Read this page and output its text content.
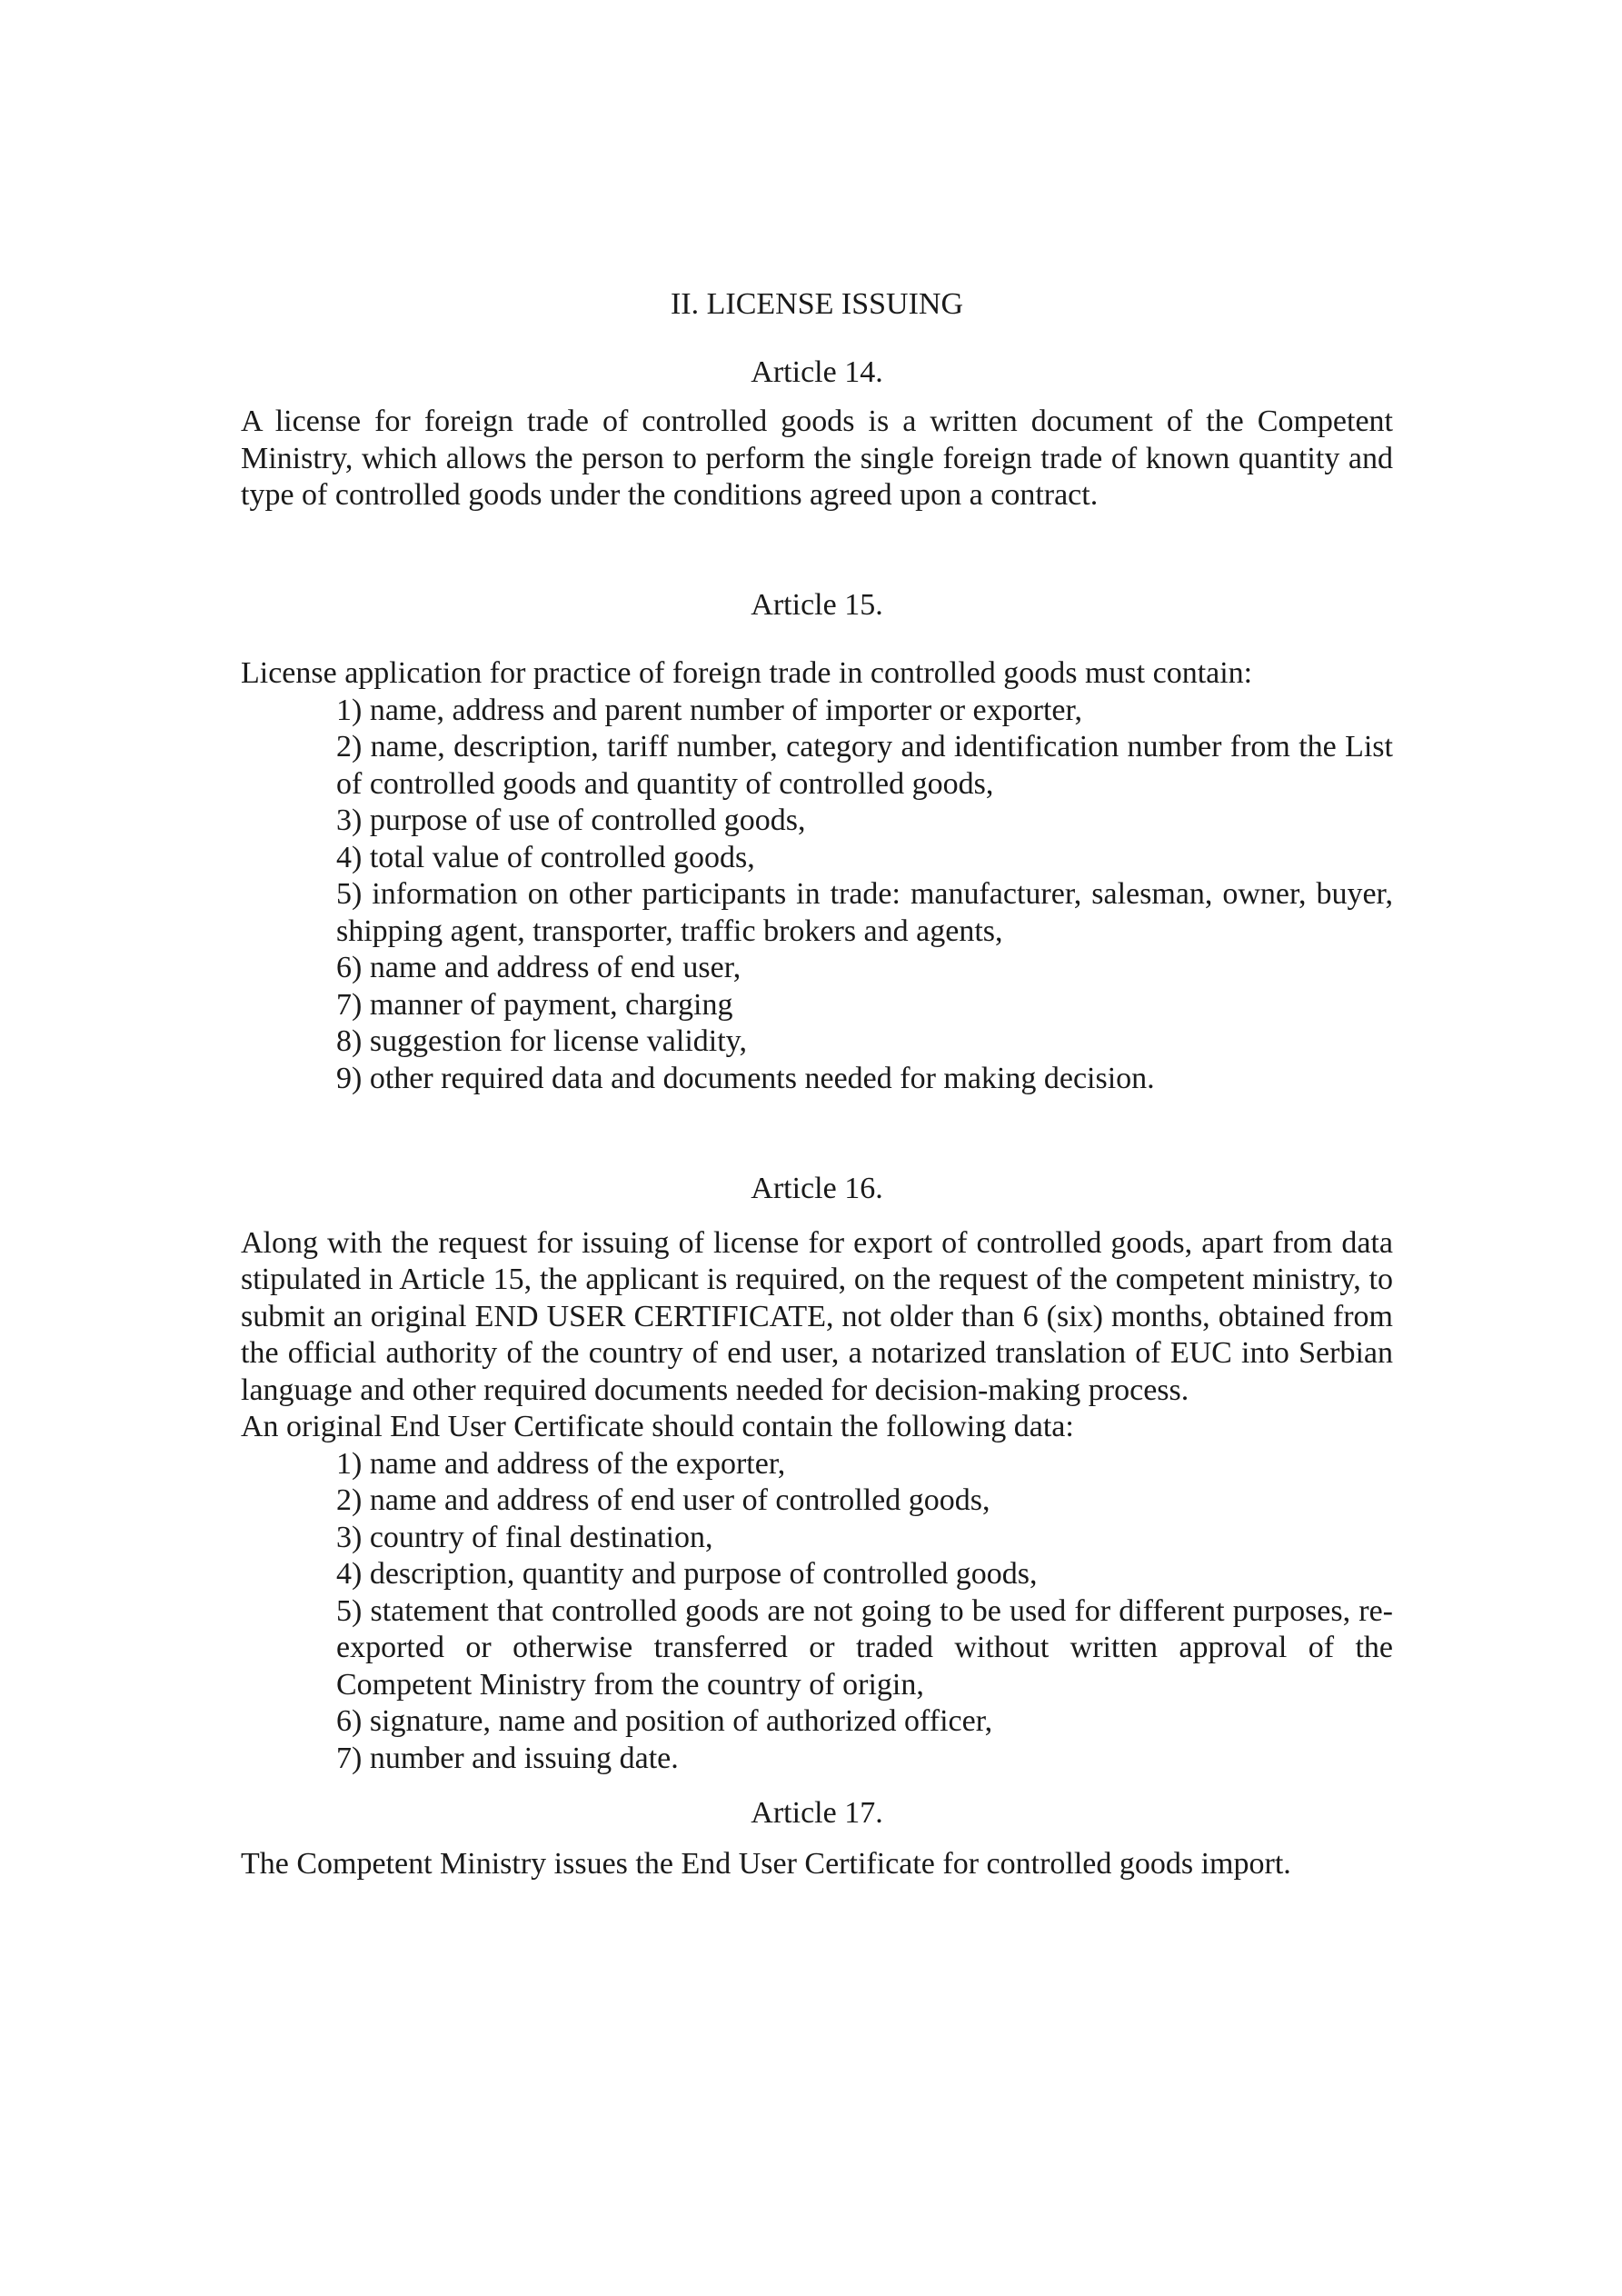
II. LICENSE ISSUING
Article 14.

A license for foreign trade of controlled goods is a written document of the Competent Ministry, which allows the person to perform the single foreign trade of known quantity and type of controlled goods under the conditions agreed upon a contract.

Article 15.

License application for practice of foreign trade in controlled goods must contain:

1) name, address and parent number of importer or exporter,
2) name, description, tariff number, category and identification number from the List of controlled goods and quantity of controlled goods,
3) purpose of use of controlled goods,
4) total value of controlled goods,
5) information on other participants in trade: manufacturer, salesman, owner, buyer, shipping agent, transporter, traffic brokers and agents,
6) name and address of end user,
7) manner of payment, charging
8) suggestion for license validity,
9) other required data and documents needed for making decision.
Article 16.

Along with the request for issuing of license for export of controlled goods, apart from data stipulated in Article 15, the applicant is required, on the request of the competent ministry, to submit an original END USER CERTIFICATE, not older than 6 (six) months, obtained from the official authority of the country of end user, a notarized translation of EUC into Serbian language and other required documents needed for decision-making process.

An original End User Certificate should contain the following data:

1) name and address of the exporter,
2) name and address of end user of controlled goods,
3) country of final destination,
4) description, quantity and purpose of controlled goods,
5) statement that controlled goods are not going to be used for different purposes, re-exported or otherwise transferred or traded without written approval of the Competent Ministry from the country of origin,
6) signature, name and position of authorized officer,
7) number and issuing date.
Article 17.

The Competent Ministry issues the End User Certificate for controlled goods import.
